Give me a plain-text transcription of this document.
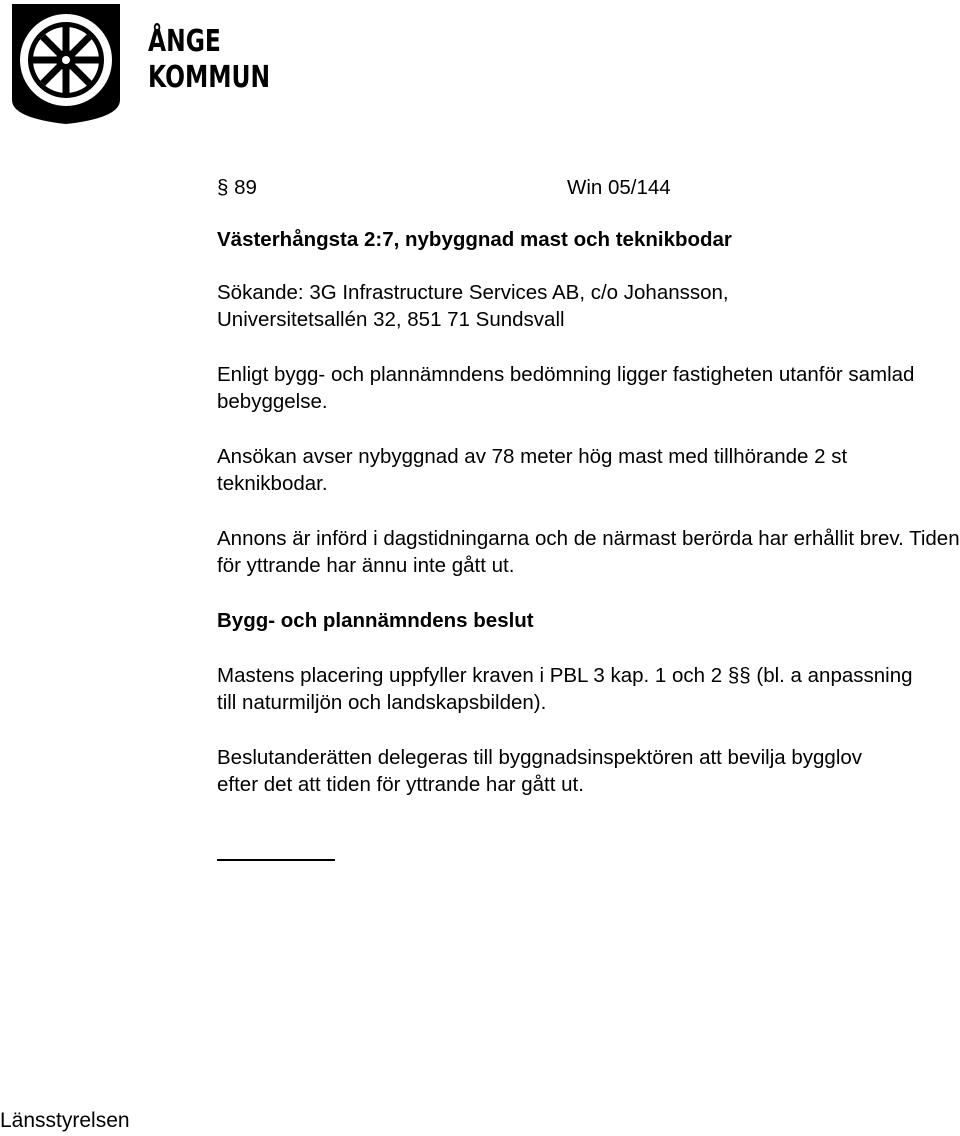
ÅNGE
KOMMUN
§ 89	Win 05/144

Västerhångsta 2:7, nybyggnad mast och teknikbodar

Sökande: 3G Infrastructure Services AB, c/o Johansson,
Universitetsallén 32, 851 71 Sundsvall

Enligt bygg- och plannämndens bedömning ligger fastigheten utanför samlad bebyggelse.

Ansökan avser nybyggnad av 78 meter hög mast med tillhörande 2 st teknikbodar.

Annons är införd i dagstidningarna och de närmast berörda har erhållit brev. Tiden för yttrande har ännu inte gått ut.

Bygg- och plannämndens beslut

Mastens placering uppfyller kraven i PBL 3 kap. 1 och 2 §§ (bl. a anpassning till naturmiljön och landskapsbilden).

Beslutanderätten delegeras till byggnadsinspektören att bevilja bygglov efter det att tiden för yttrande har gått ut.

Länsstyrelsen
